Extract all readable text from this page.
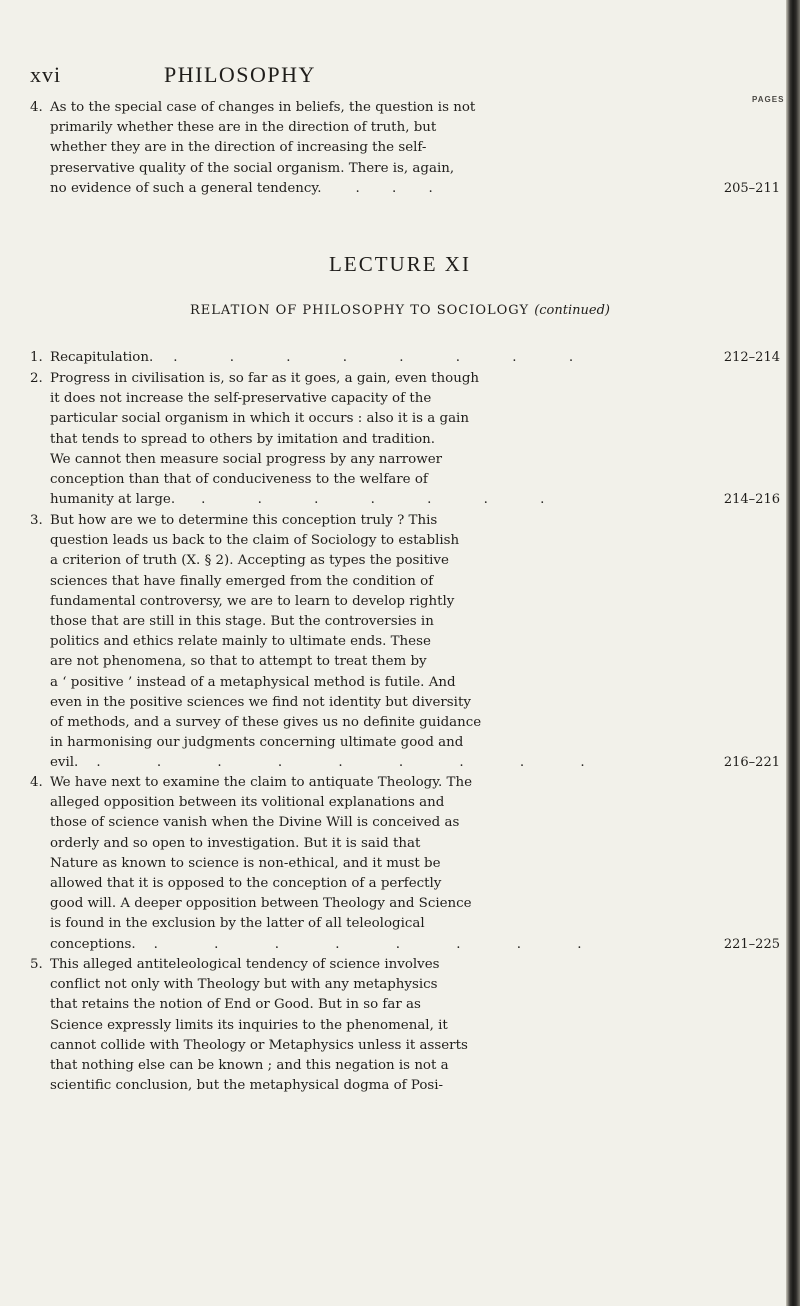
xvi	PHILOSOPHY
PAGES
4. As to the special case of changes in beliefs, the question is not
primarily whether these are in the direction of truth, but
whether they are in the direction of increasing the self-
preservative quality of the social organism. There is, again,
no evidence of such a general tendency.	. . .	205–211
LECTURE XI
RELATION OF PHILOSOPHY TO SOCIOLOGY (continued)
1. Recapitulation. . . . . . . . .	212–214
2. Progress in civilisation is, so far as it goes, a gain, even though
it does not increase the self-preservative capacity of the
particular social organism in which it occurs : also it is a gain
that tends to spread to others by imitation and tradition.
We cannot then measure social progress by any narrower
conception than that of conduciveness to the welfare of
humanity at large. . . . . . . .	214–216
3. But how are we to determine this conception truly ? This
question leads us back to the claim of Sociology to establish
a criterion of truth (X. § 2). Accepting as types the positive
sciences that have finally emerged from the condition of
fundamental controversy, we are to learn to develop rightly
those that are still in this stage. But the controversies in
politics and ethics relate mainly to ultimate ends. These
are not phenomena, so that to attempt to treat them by
a ‘ positive ’ instead of a metaphysical method is futile. And
even in the positive sciences we find not identity but diversity
of methods, and a survey of these gives us no definite guidance
in harmonising our judgments concerning ultimate good and
evil. . . . . . . . . .	216–221
4. We have next to examine the claim to antiquate Theology. The
alleged opposition between its volitional explanations and
those of science vanish when the Divine Will is conceived as
orderly and so open to investigation. But it is said that
Nature as known to science is non-ethical, and it must be
allowed that it is opposed to the conception of a perfectly
good will. A deeper opposition between Theology and Science
is found in the exclusion by the latter of all teleological
conceptions. . . . . . . . .	221–225
5. This alleged antiteleological tendency of science involves
conflict not only with Theology but with any metaphysics
that retains the notion of End or Good. But in so far as
Science expressly limits its inquiries to the phenomenal, it
cannot collide with Theology or Metaphysics unless it asserts
that nothing else can be known ; and this negation is not a
scientific conclusion, but the metaphysical dogma of Posi-
